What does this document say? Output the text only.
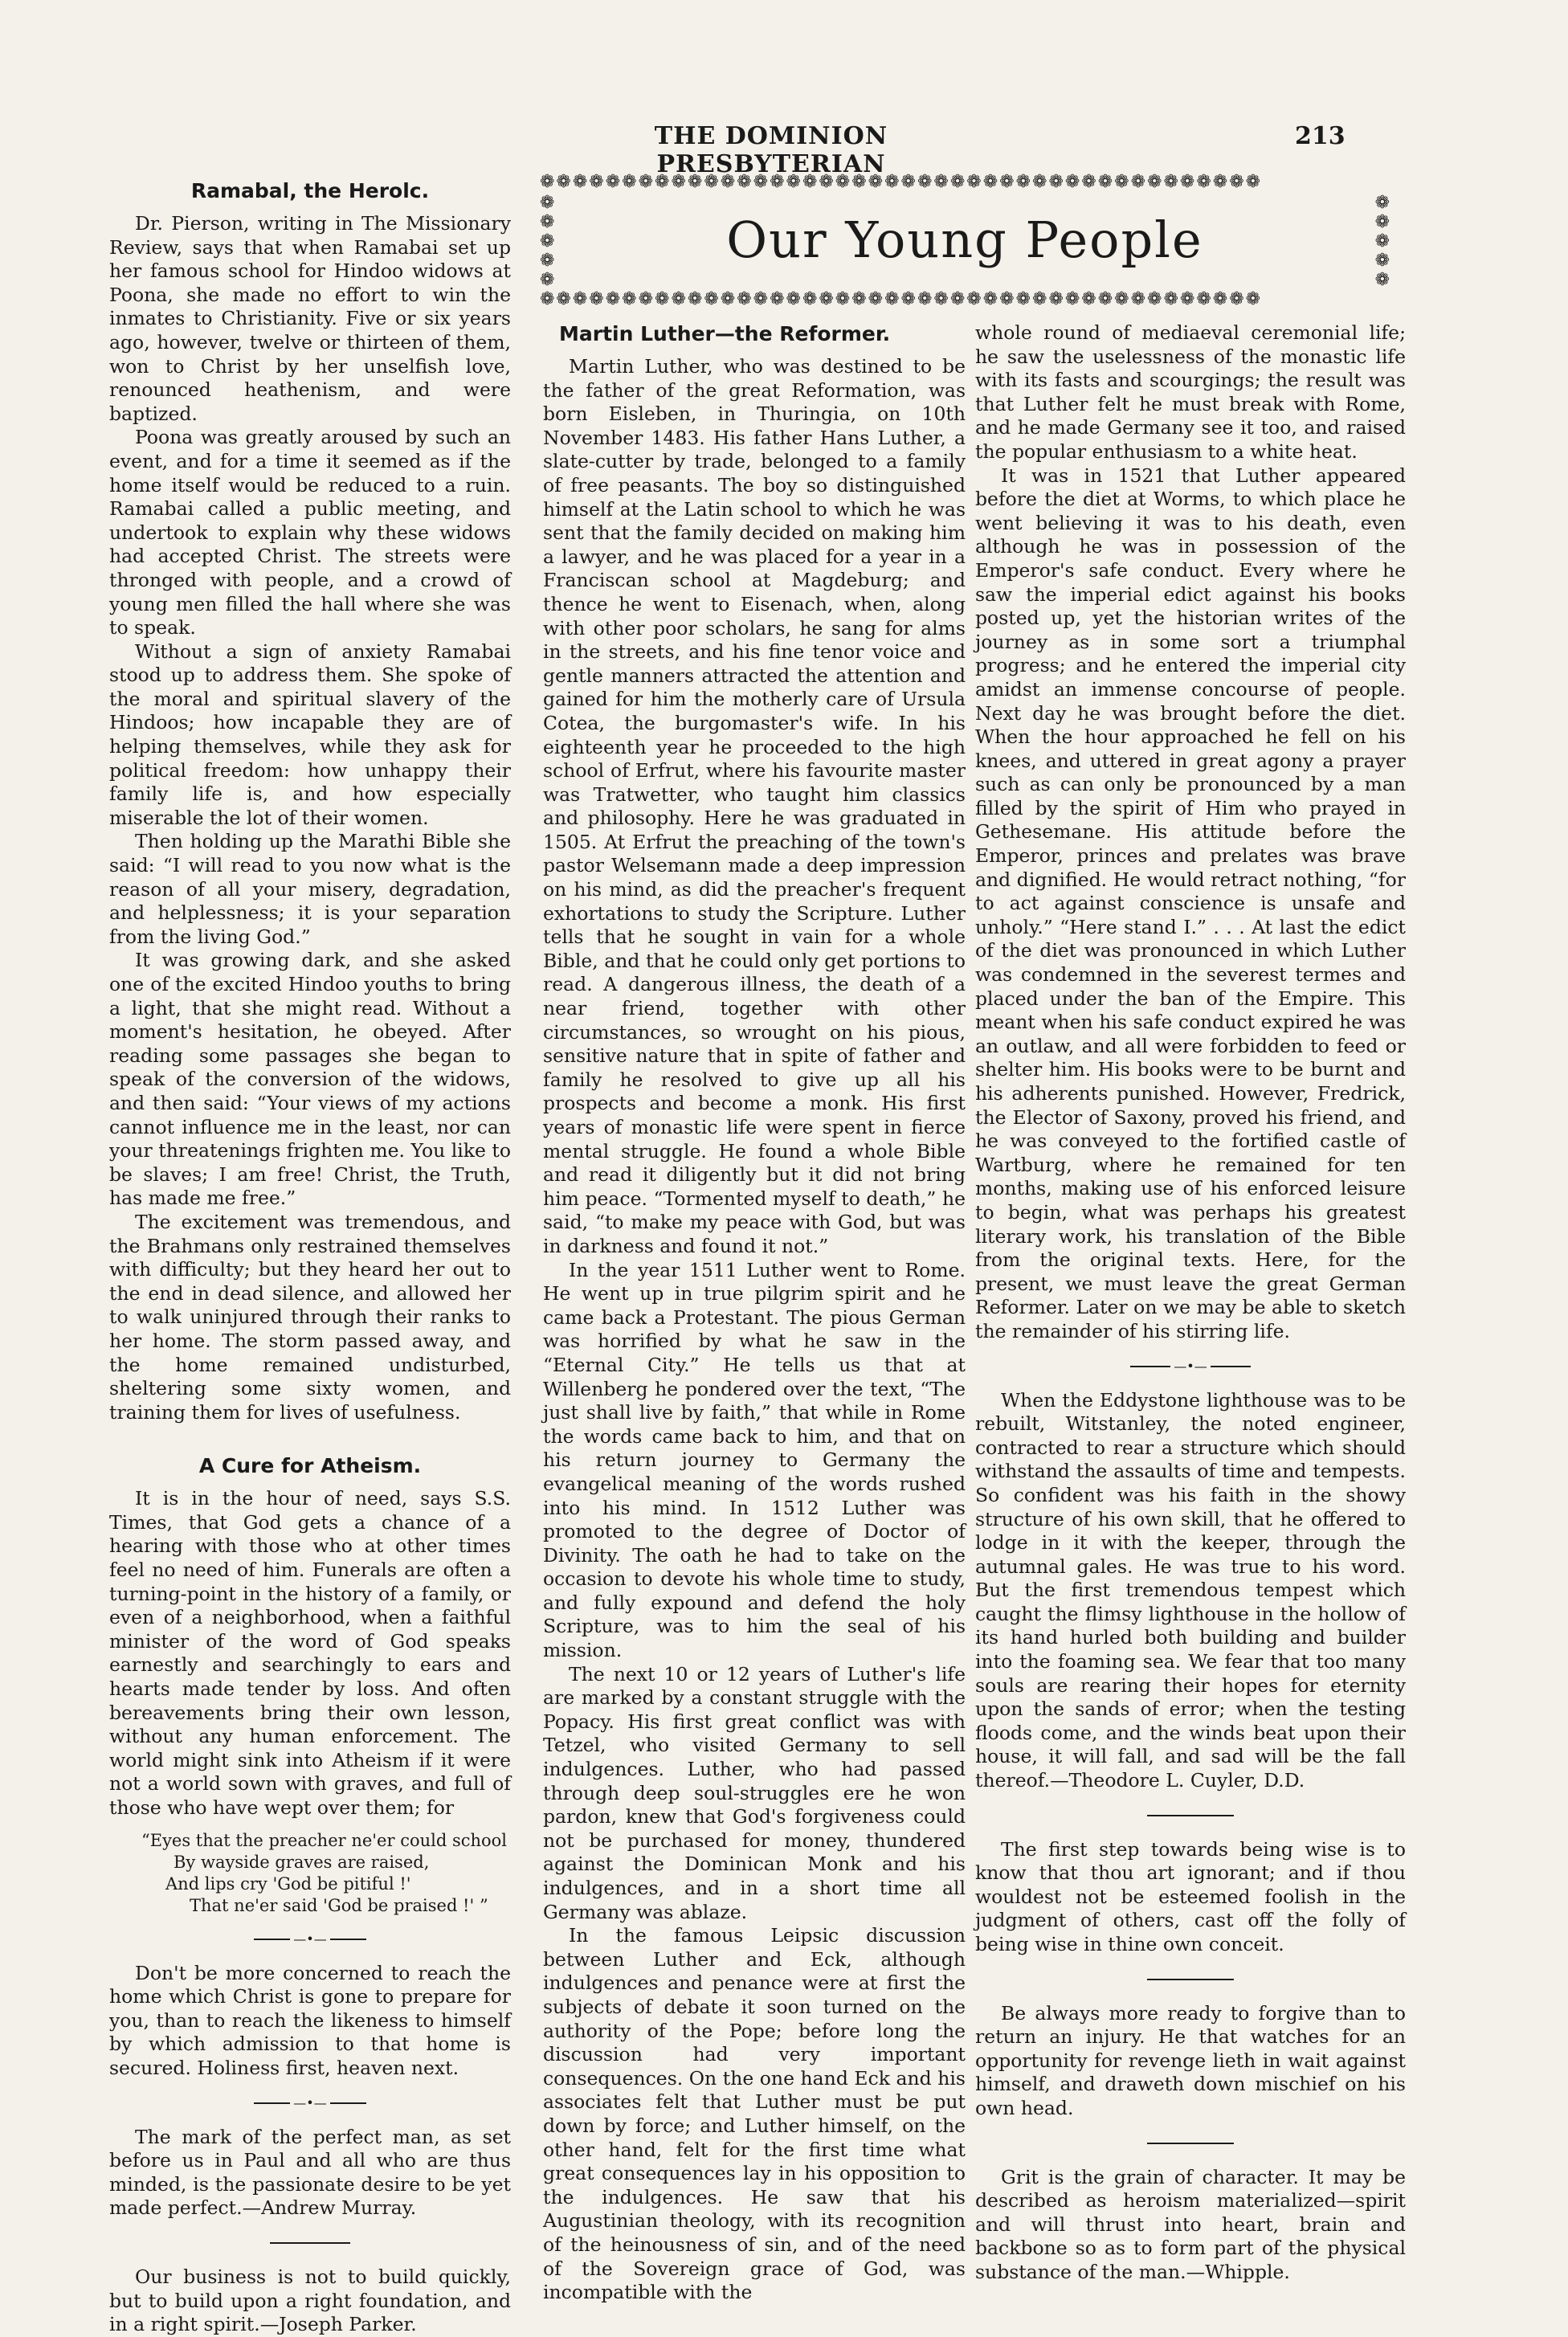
THE DOMINION PRESBYTERIAN
213
❁❁❁❁❁❁❁❁❁❁❁❁❁❁❁❁❁❁❁❁❁❁❁❁❁❁❁❁❁❁❁❁❁❁❁❁❁❁❁❁❁❁❁❁
❁
❁
❁
❁
❁
❁
❁
❁
❁
❁
Our Young People
❁❁❁❁❁❁❁❁❁❁❁❁❁❁❁❁❁❁❁❁❁❁❁❁❁❁❁❁❁❁❁❁❁❁❁❁❁❁❁❁❁❁❁❁
Ramabal, the Herolc.

Dr. Pierson, writing in The Missionary Review, says that when Ramabai set up her famous school for Hindoo widows at Poona, she made no effort to win the inmates to Christianity. Five or six years ago, however, twelve or thirteen of them, won to Christ by her unselfish love, renounced heathenism, and were baptized.

Poona was greatly aroused by such an event, and for a time it seemed as if the home itself would be reduced to a ruin. Ramabai called a public meeting, and undertook to explain why these widows had accepted Christ. The streets were thronged with people, and a crowd of young men filled the hall where she was to speak.

Without a sign of anxiety Ramabai stood up to address them. She spoke of the moral and spiritual slavery of the Hindoos; how incapable they are of helping themselves, while they ask for political freedom: how unhappy their family life is, and how especially miserable the lot of their women.

Then holding up the Marathi Bible she said: “I will read to you now what is the reason of all your misery, degradation, and helplessness; it is your separation from the living God.”

It was growing dark, and she asked one of the excited Hindoo youths to bring a light, that she might read. Without a moment's hesitation, he obeyed. After reading some passages she began to speak of the conversion of the widows, and then said: “Your views of my actions cannot influence me in the least, nor can your threatenings frighten me. You like to be slaves; I am free! Christ, the Truth, has made me free.”

The excitement was tremendous, and the Brahmans only restrained themselves with difficulty; but they heard her out to the end in dead silence, and allowed her to walk uninjured through their ranks to her home. The storm passed away, and the home remained undisturbed, sheltering some sixty women, and training them for lives of usefulness.

A Cure for Atheism.

It is in the hour of need, says S.S. Times, that God gets a chance of a hearing with those who at other times feel no need of him. Funerals are often a turning-point in the history of a family, or even of a neighborhood, when a faithful minister of the word of God speaks earnestly and searchingly to ears and hearts made tender by loss. And often bereavements bring their own lesson, without any human enforcement. The world might sink into Atheism if it were not a world sown with graves, and full of those who have wept over them; for

“Eyes that the preacher ne'er could school
By wayside graves are raised,
And lips cry 'God be pitiful !'
That ne'er said 'God be praised !' ”
—•—

Don't be more concerned to reach the home which Christ is gone to prepare for you, than to reach the likeness to himself by which admission to that home is secured. Holiness first, heaven next.

—•—

The mark of the perfect man, as set before us in Paul and all who are thus minded, is the passionate desire to be yet made perfect.—Andrew Murray.

Our business is not to build quickly, but to build upon a right foundation, and in a right spirit.—Joseph Parker.

Martin Luther—the Reformer.

Martin Luther, who was destined to be the father of the great Reformation, was born Eisleben, in Thuringia, on 10th November 1483. His father Hans Luther, a slate-cutter by trade, belonged to a family of free peasants. The boy so distinguished himself at the Latin school to which he was sent that the family decided on making him a lawyer, and he was placed for a year in a Franciscan school at Magdeburg; and thence he went to Eisenach, when, along with other poor scholars, he sang for alms in the streets, and his fine tenor voice and gentle manners attracted the attention and gained for him the motherly care of Ursula Cotea, the burgomaster's wife. In his eighteenth year he proceeded to the high school of Erfrut, where his favourite master was Tratwetter, who taught him classics and philosophy. Here he was graduated in 1505. At Erfrut the preaching of the town's pastor Welsemann made a deep impression on his mind, as did the preacher's frequent exhortations to study the Scripture. Luther tells that he sought in vain for a whole Bible, and that he could only get portions to read. A dangerous illness, the death of a near friend, together with other circumstances, so wrought on his pious, sensitive nature that in spite of father and family he resolved to give up all his prospects and become a monk. His first years of monastic life were spent in fierce mental struggle. He found a whole Bible and read it diligently but it did not bring him peace. “Tormented myself to death,” he said, “to make my peace with God, but was in darkness and found it not.”

In the year 1511 Luther went to Rome. He went up in true pilgrim spirit and he came back a Protestant. The pious German was horrified by what he saw in the “Eternal City.” He tells us that at Willenberg he pondered over the text, “The just shall live by faith,” that while in Rome the words came back to him, and that on his return journey to Germany the evangelical meaning of the words rushed into his mind. In 1512 Luther was promoted to the degree of Doctor of Divinity. The oath he had to take on the occasion to devote his whole time to study, and fully expound and defend the holy Scripture, was to him the seal of his mission.

The next 10 or 12 years of Luther's life are marked by a constant struggle with the Popacy. His first great conflict was with Tetzel, who visited Germany to sell indulgences. Luther, who had passed through deep soul-struggles ere he won pardon, knew that God's forgiveness could not be purchased for money, thundered against the Dominican Monk and his indulgences, and in a short time all Germany was ablaze.

In the famous Leipsic discussion between Luther and Eck, although indulgences and penance were at first the subjects of debate it soon turned on the authority of the Pope; before long the discussion had very important consequences. On the one hand Eck and his associates felt that Luther must be put down by force; and Luther himself, on the other hand, felt for the first time what great consequences lay in his opposition to the indulgences. He saw that his Augustinian theology, with its recognition of the heinousness of sin, and of the need of the Sovereign grace of God, was incompatible with the

whole round of mediaeval ceremonial life; he saw the uselessness of the monastic life with its fasts and scourgings; the result was that Luther felt he must break with Rome, and he made Germany see it too, and raised the popular enthusiasm to a white heat.

It was in 1521 that Luther appeared before the diet at Worms, to which place he went believing it was to his death, even although he was in possession of the Emperor's safe conduct. Every where he saw the imperial edict against his books posted up, yet the historian writes of the journey as in some sort a triumphal progress; and he entered the imperial city amidst an immense concourse of people. Next day he was brought before the diet. When the hour approached he fell on his knees, and uttered in great agony a prayer such as can only be pronounced by a man filled by the spirit of Him who prayed in Gethesemane. His attitude before the Emperor, princes and prelates was brave and dignified. He would retract nothing, “for to act against conscience is unsafe and unholy.” “Here stand I.” . . . At last the edict of the diet was pronounced in which Luther was condemned in the severest termes and placed under the ban of the Empire. This meant when his safe conduct expired he was an outlaw, and all were forbidden to feed or shelter him. His books were to be burnt and his adherents punished. However, Fredrick, the Elector of Saxony, proved his friend, and he was conveyed to the fortified castle of Wartburg, where he remained for ten months, making use of his enforced leisure to begin, what was perhaps his greatest literary work, his translation of the Bible from the original texts. Here, for the present, we must leave the great German Reformer. Later on we may be able to sketch the remainder of his stirring life.

—•—

When the Eddystone lighthouse was to be rebuilt, Witstanley, the noted engineer, contracted to rear a structure which should withstand the assaults of time and tempests. So confident was his faith in the showy structure of his own skill, that he offered to lodge in it with the keeper, through the autumnal gales. He was true to his word. But the first tremendous tempest which caught the flimsy lighthouse in the hollow of its hand hurled both building and builder into the foaming sea. We fear that too many souls are rearing their hopes for eternity upon the sands of error; when the testing floods come, and the winds beat upon their house, it will fall, and sad will be the fall thereof.—Theodore L. Cuyler, D.D.

The first step towards being wise is to know that thou art ignorant; and if thou wouldest not be esteemed foolish in the judgment of others, cast off the folly of being wise in thine own conceit.

Be always more ready to forgive than to return an injury. He that watches for an opportunity for revenge lieth in wait against himself, and draweth down mischief on his own head.

Grit is the grain of character. It may be described as heroism materialized—spirit and will thrust into heart, brain and backbone so as to form part of the physical substance of the man.—Whipple.
